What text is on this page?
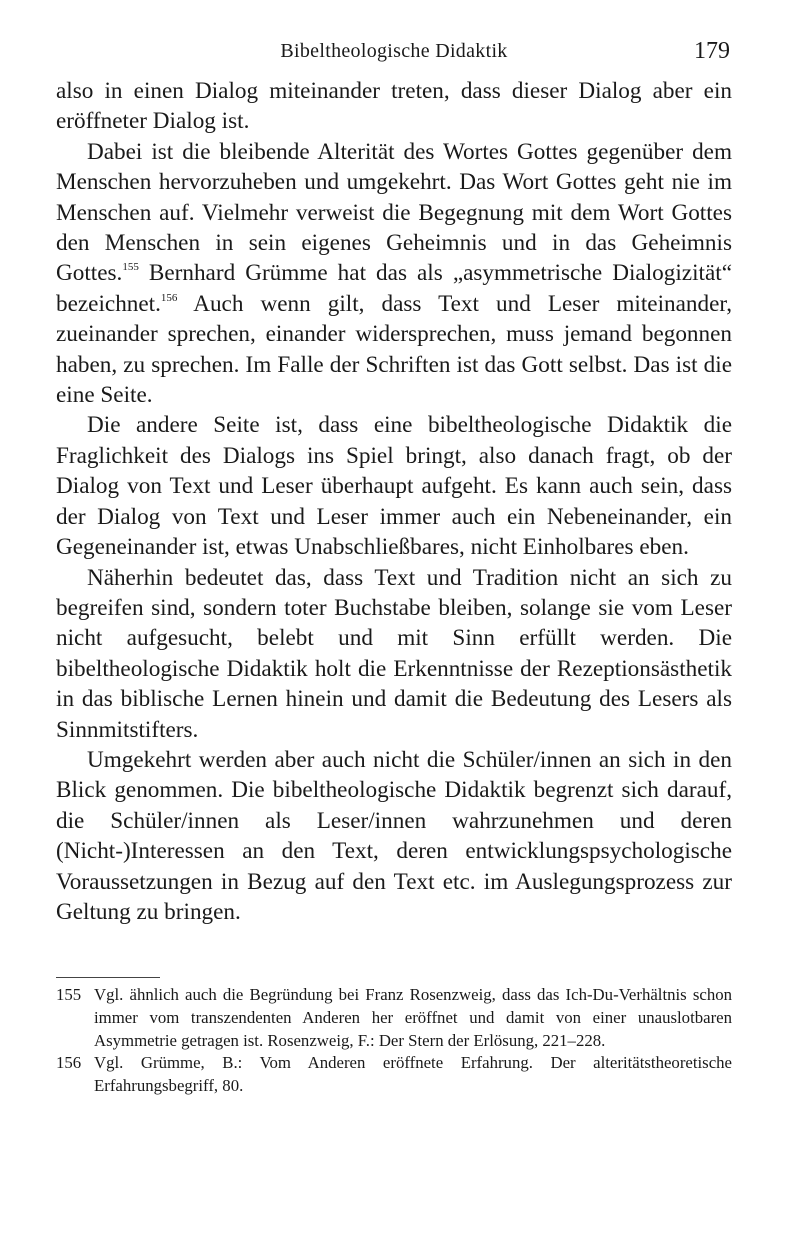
Bibeltheologische Didaktik	179

also in einen Dialog miteinander treten, dass dieser Dialog aber ein eröffneter Dialog ist.

Dabei ist die bleibende Alterität des Wortes Gottes gegenüber dem Menschen hervorzuheben und umgekehrt. Das Wort Gottes geht nie im Menschen auf. Vielmehr verweist die Begegnung mit dem Wort Gottes den Menschen in sein eigenes Geheimnis und in das Geheimnis Gottes.$^{155}$ Bernhard Grümme hat das als „asymmetrische Dialogizität“ bezeichnet.$^{156}$ Auch wenn gilt, dass Text und Leser miteinander, zueinander sprechen, einander widersprechen, muss jemand begonnen haben, zu sprechen. Im Falle der Schriften ist das Gott selbst. Das ist die eine Seite.

Die andere Seite ist, dass eine bibeltheologische Didaktik die Fraglichkeit des Dialogs ins Spiel bringt, also danach fragt, ob der Dialog von Text und Leser überhaupt aufgeht. Es kann auch sein, dass der Dialog von Text und Leser immer auch ein Nebeneinander, ein Gegeneinander ist, etwas Unabschließbares, nicht Einholbares eben.

Näherhin bedeutet das, dass Text und Tradition nicht an sich zu begreifen sind, sondern toter Buchstabe bleiben, solange sie vom Leser nicht aufgesucht, belebt und mit Sinn erfüllt werden. Die bibeltheologische Didaktik holt die Erkenntnisse der Rezeptionsästhetik in das biblische Lernen hinein und damit die Bedeutung des Lesers als Sinnmitstifters.

Umgekehrt werden aber auch nicht die Schüler/innen an sich in den Blick genommen. Die bibeltheologische Didaktik begrenzt sich darauf, die Schüler/innen als Leser/innen wahrzunehmen und deren (Nicht-)Interessen an den Text, deren entwicklungspsychologische Voraussetzungen in Bezug auf den Text etc. im Auslegungsprozess zur Geltung zu bringen.

155 Vgl. ähnlich auch die Begründung bei Franz Rosenzweig, dass das Ich-Du-Verhältnis schon immer vom transzendenten Anderen her eröffnet und damit von einer unauslotbaren Asymmetrie getragen ist. Rosenzweig, F.: Der Stern der Erlösung, 221–228.
156 Vgl. Grümme, B.: Vom Anderen eröffnete Erfahrung. Der alteritätstheoretische Erfahrungsbegriff, 80.
